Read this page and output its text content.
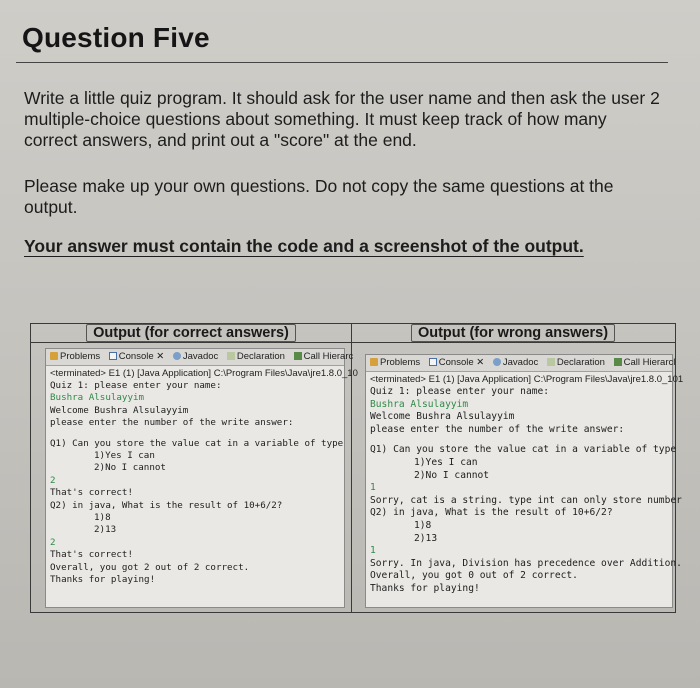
Question Five
Write a little quiz program. It should ask for the user name and then ask the user 2 multiple-choice questions about something. It must keep track of how many correct answers, and print out a "score" at the end.
Please make up your own questions. Do not copy the same questions at the output.
Your answer must contain the code and a screenshot of the output.
Output (for correct answers)
Problems Console ✕ Javadoc Declaration Call Hierarc
<terminated> E1 (1) [Java Application] C:\Program Files\Java\jre1.8.0_10
Quiz 1: please enter your name:
Bushra Alsulayyim
Welcome Bushra Alsulayyim
please enter the number of the write answer:
Q1) Can you store the value cat in a variable of type
1)Yes I can
2)No I cannot
2
That's correct!
Q2) in java, What is the result of 10+6/2?
1)8
2)13
2
That's correct!
Overall, you got 2 out of 2 correct.
Thanks for playing!
Output (for wrong answers)
Problems Console ✕ Javadoc Declaration Call Hierarcl
<terminated> E1 (1) [Java Application] C:\Program Files\Java\jre1.8.0_101
Quiz 1: please enter your name:
Bushra Alsulayyim
Welcome Bushra Alsulayyim
please enter the number of the write answer:
Q1) Can you store the value cat in a variable of type
1)Yes I can
2)No I cannot
1
Sorry, cat is a string. type int can only store number
Q2) in java, What is the result of 10+6/2?
1)8
2)13
1
Sorry. In java, Division has precedence over Addition.
Overall, you got 0 out of 2 correct.
Thanks for playing!
